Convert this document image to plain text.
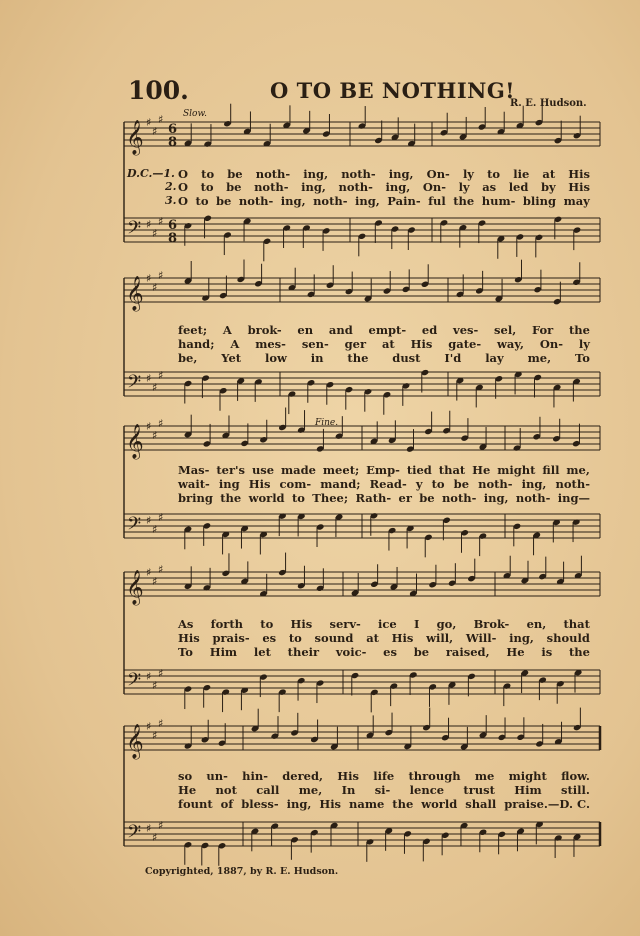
100.	O TO BE NOTHING!
R. E. Hudson.
Slow.
Fine.
𝄞
𝄢
♯
♯
♯
♯
♯
♯
6
8
6
8
𝄞
𝄢
♯
♯
♯
♯
♯
♯
𝄞
𝄢
♯
♯
♯
♯
♯
♯
𝄞
𝄢
♯
♯
♯
♯
♯
♯
𝄞
𝄢
♯
♯
♯
♯
♯
♯
D.C.—1. O to be noth- ing, noth- ing, On- ly to lie at His
2. O to be noth- ing, noth- ing, On- ly as led by His
3. O to be noth- ing, noth- ing, Pain- ful the hum- bling may
feet; A brok- en and empt- ed ves- sel, For the
hand; A mes- sen- ger at His gate- way, On- ly
be, Yet low in the dust I'd lay me, To
Mas- ter's use made meet; Emp- tied that He might fill me,
wait- ing His com- mand; Read- y to be noth- ing, noth-
bring the world to Thee; Rath- er be noth- ing, noth- ing—
As forth to His serv- ice I go, Brok- en, that
His prais- es to sound at His will, Will- ing, should
To Him let their voic- es be raised, He is the
so un- hin- dered, His life through me might flow.
He not call me, In si- lence trust Him still.
fount of bless- ing, His name the world shall praise.—D. C.
Copyrighted, 1887, by R. E. Hudson.
